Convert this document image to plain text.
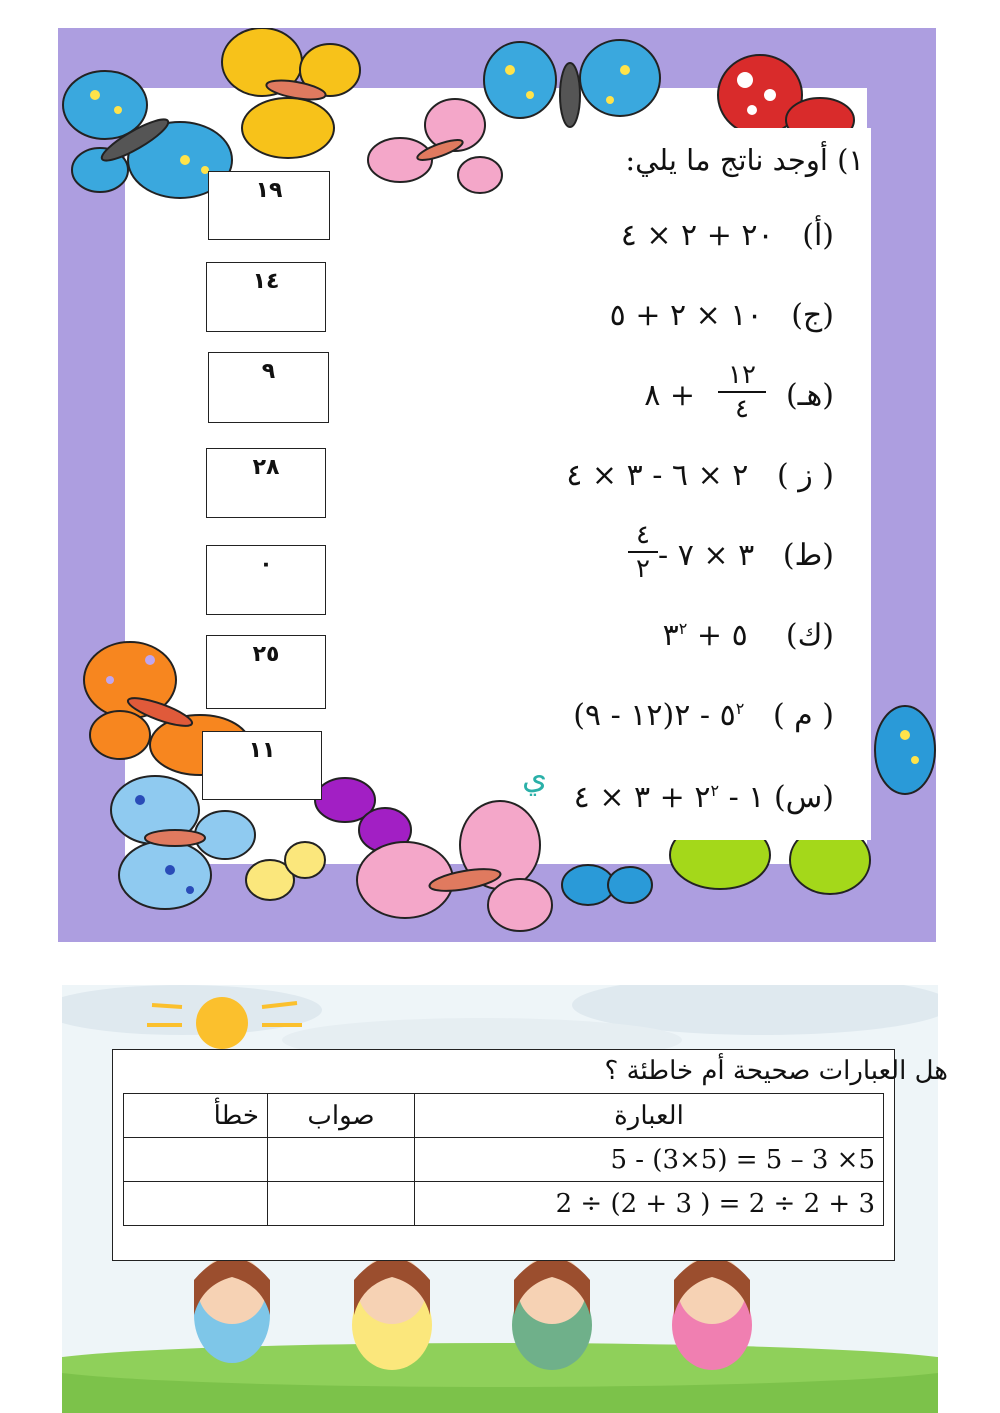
١) أوجد ناتج ما يلي:
(أ)   ٢٠ + ٢ × ٤
(ج)   ١٠ × ٢ + ٥
(هـ)
١٢
٤
+ ٨
( ز )   ٢ × ٦ - ٣ × ٤
(ط)   ٣ × ٧ -
٤
٢
(ك)    ٥ + $٣^٢$
( م )   $٥^٢$ - ٢(١٢ - ٩)
(س) ١ - $٢^٢$ + ٣ × ٤
ي
١٩
١٤
٩
٢٨
٠
٢٥
١١
هل العبارات صحيحة أم خاطئة ؟
خطأ	صواب	العبارة
		5 - (3×5) = 5 – 3 ×5
		2 ÷ (2 + 3 ) = 2 ÷ 2 + 3
